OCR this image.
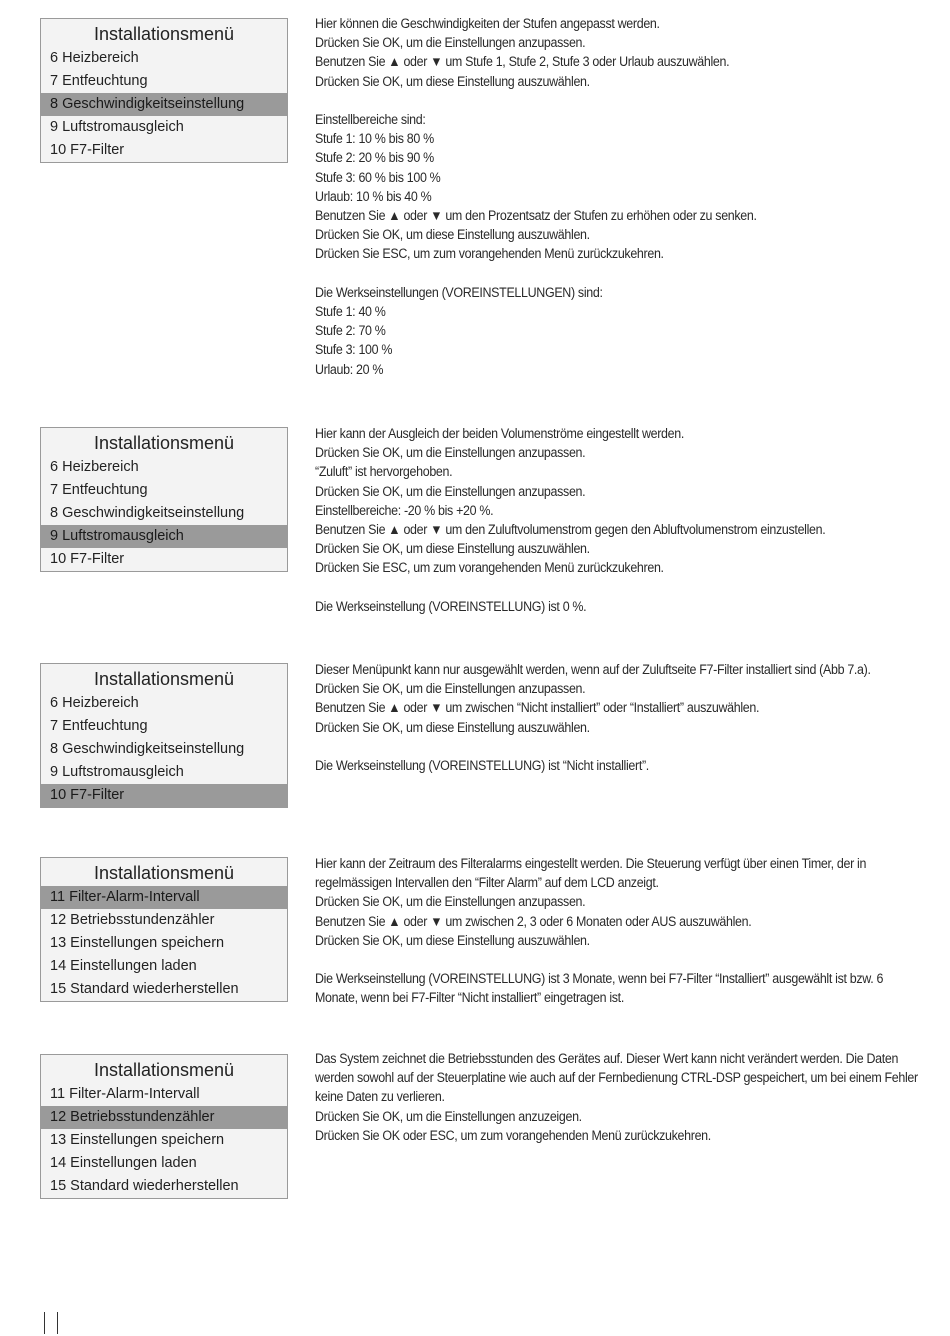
Installationsmenü
6 Heizbereich
7 Entfeuchtung
8 Geschwindigkeitseinstellung
9 Luftstromausgleich
10 F7-Filter

Hier können die Geschwindigkeiten der Stufen angepasst werden.

Drücken Sie OK, um die Einstellungen anzupassen.

Benutzen Sie ▲ oder ▼ um Stufe 1, Stufe 2, Stufe 3 oder Urlaub auszuwählen.

Drücken Sie OK, um diese Einstellung auszuwählen.

Einstellbereiche sind:

Stufe 1: 10 % bis 80 %

Stufe 2: 20 % bis 90 %

Stufe 3: 60 % bis 100 %

Urlaub: 10 % bis 40 %

Benutzen Sie ▲ oder ▼ um den Prozentsatz der Stufen zu erhöhen oder zu senken.

Drücken Sie OK, um diese Einstellung auszuwählen.

Drücken Sie ESC, um zum vorangehenden Menü zurückzukehren.

Die Werkseinstellungen (VOREINSTELLUNGEN) sind:

Stufe 1: 40 %

Stufe 2: 70 %

Stufe 3: 100 %

Urlaub: 20 %

Installationsmenü
6 Heizbereich
7 Entfeuchtung
8 Geschwindigkeitseinstellung
9 Luftstromausgleich
10 F7-Filter

Hier kann der Ausgleich der beiden Volumenströme eingestellt werden.

Drücken Sie OK, um die Einstellungen anzupassen.

“Zuluft” ist hervorgehoben.

Drücken Sie OK, um die Einstellungen anzupassen.

Einstellbereiche: -20 % bis +20 %.

Benutzen Sie ▲ oder ▼ um den Zuluftvolumenstrom gegen den Abluftvolumenstrom einzustellen.

Drücken Sie OK, um diese Einstellung auszuwählen.

Drücken Sie ESC, um zum vorangehenden Menü zurückzukehren.

Die Werkseinstellung (VOREINSTELLUNG) ist 0 %.

Installationsmenü
6 Heizbereich
7 Entfeuchtung
8 Geschwindigkeitseinstellung
9 Luftstromausgleich
10 F7-Filter

Dieser Menüpunkt kann nur ausgewählt werden, wenn auf der Zuluftseite F7-Filter installiert sind (Abb 7.a).

Drücken Sie OK, um die Einstellungen anzupassen.

Benutzen Sie ▲ oder ▼ um zwischen “Nicht installiert” oder “Installiert” auszuwählen.

Drücken Sie OK, um diese Einstellung auszuwählen.

Die Werkseinstellung (VOREINSTELLUNG) ist “Nicht installiert”.

Installationsmenü
11 Filter-Alarm-Intervall
12 Betriebsstundenzähler
13 Einstellungen speichern
14 Einstellungen laden
15 Standard wiederherstellen

Hier kann der Zeitraum des Filteralarms eingestellt werden. Die Steuerung verfügt über einen Timer, der in regelmässigen Intervallen den “Filter Alarm” auf dem LCD anzeigt.

Drücken Sie OK, um die Einstellungen anzupassen.

Benutzen Sie ▲ oder ▼ um zwischen 2, 3 oder 6 Monaten oder AUS auszuwählen.

Drücken Sie OK, um diese Einstellung auszuwählen.

Die Werkseinstellung (VOREINSTELLUNG) ist 3 Monate, wenn bei F7-Filter “Installiert” ausgewählt ist bzw. 6 Monate, wenn bei F7-Filter “Nicht installiert” eingetragen ist.

Installationsmenü
11 Filter-Alarm-Intervall
12 Betriebsstundenzähler
13 Einstellungen speichern
14 Einstellungen laden
15 Standard wiederherstellen

Das System zeichnet die Betriebsstunden des Gerätes auf. Dieser Wert kann nicht verändert werden. Die Daten werden sowohl auf der Steuerplatine wie auch auf der Fernbedienung CTRL-DSP gespeichert, um bei einem Fehler keine Daten zu verlieren.

Drücken Sie OK, um die Einstellungen anzuzeigen.

Drücken Sie OK oder ESC, um zum vorangehenden Menü zurückzukehren.
